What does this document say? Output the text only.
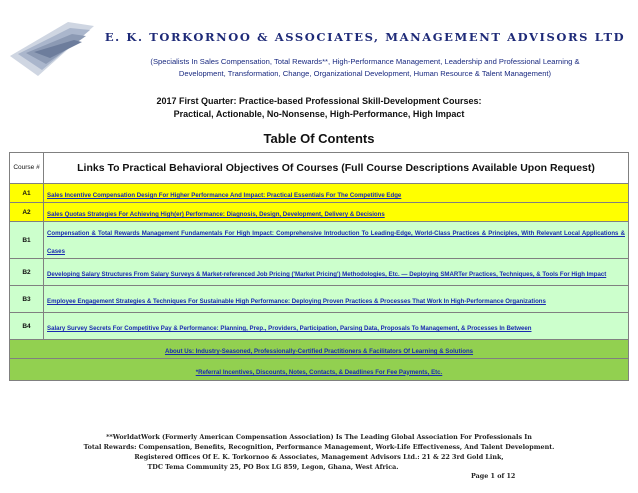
E. K. TORKORNOO & ASSOCIATES, MANAGEMENT ADVISORS LTD
(Specialists In Sales Compensation, Total Rewards**, High-Performance Management, Leadership and Professional Learning &
Development, Transformation, Change, Organizational Development, Human Resource & Talent Management)
2017 First Quarter: Practice-based Professional Skill-Development Courses:
Practical, Actionable, No-Nonsense, High-Performance, High Impact
Table Of Contents
Course #	Links To Practical Behavioral Objectives Of Courses (Full Course Descriptions Available Upon Request)
A1	Sales Incentive Compensation Design For Higher Performance And Impact: Practical Essentials For The Competitive Edge
A2	Sales Quotas Strategies For Achieving High(er) Performance: Diagnosis, Design, Development, Delivery & Decisions
B1	Compensation & Total Rewards Management Fundamentals For High Impact: Comprehensive Introduction To Leading-Edge, World-Class Practices & Principles, With Relevant Local Applications & Cases
B2	Developing Salary Structures From Salary Surveys & Market-referenced Job Pricing ('Market Pricing') Methodologies, Etc. — Deploying SMARTer Practices, Techniques, & Tools For High Impact
B3	Employee Engagement Strategies & Techniques For Sustainable High Performance: Deploying Proven Practices & Processes That Work In High-Performance Organizations
B4	Salary Survey Secrets For Competitive Pay & Performance: Planning, Prep., Providers, Participation, Parsing Data, Proposals To Management, & Processes In Between
About Us: Industry-Seasoned, Professionally-Certified Practitioners & Facilitators Of Learning & Solutions	
*Referral Incentives, Discounts, Notes, Contacts, & Deadlines For Fee Payments, Etc.	
**WorldatWork (Formerly American Compensation Association) Is The Leading Global Association For Professionals In
Total Rewards: Compensation, Benefits, Recognition, Performance Management, Work-Life Effectiveness, And Talent Development.
Registered Offices Of E. K. Torkornoo & Associates, Management Advisors Ltd.: 21 & 22 3rd Gold Link,
TDC Tema Community 25, PO Box LG 859, Legon, Ghana, West Africa.
Page 1 of 12
